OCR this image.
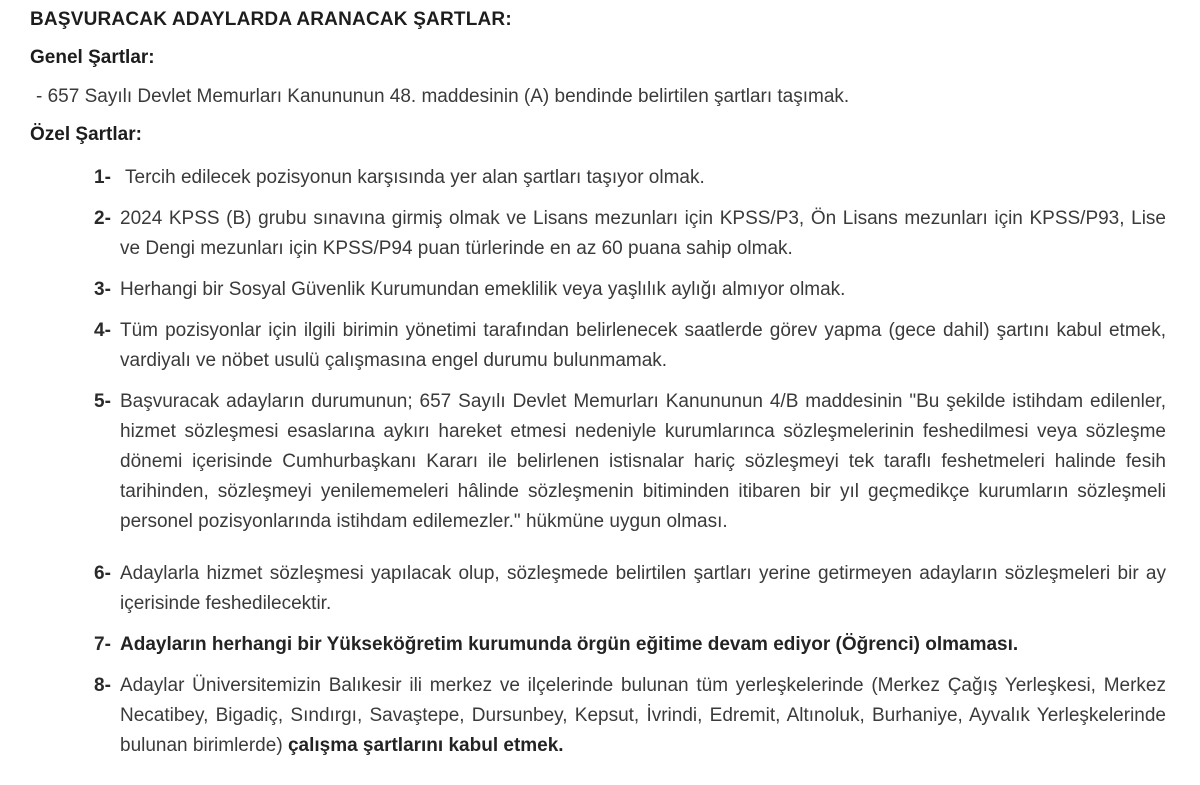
BAŞVURACAK ADAYLARDA ARANACAK ŞARTLAR:
Genel Şartlar:

- 657 Sayılı Devlet Memurları Kanununun 48. maddesinin (A) bendinde belirtilen şartları taşımak.

Özel Şartlar:
1- Tercih edilecek pozisyonun karşısında yer alan şartları taşıyor olmak.
2- 2024 KPSS (B) grubu sınavına girmiş olmak ve Lisans mezunları için KPSS/P3, Ön Lisans mezunları için KPSS/P93, Lise ve Dengi mezunları için KPSS/P94 puan türlerinde en az 60 puana sahip olmak.
3- Herhangi bir Sosyal Güvenlik Kurumundan emeklilik veya yaşlılık aylığı almıyor olmak.
4- Tüm pozisyonlar için ilgili birimin yönetimi tarafından belirlenecek saatlerde görev yapma (gece dahil) şartını kabul etmek, vardiyalı ve nöbet usulü çalışmasına engel durumu bulunmamak.
5- Başvuracak adayların durumunun; 657 Sayılı Devlet Memurları Kanununun 4/B maddesinin "Bu şekilde istihdam edilenler, hizmet sözleşmesi esaslarına aykırı hareket etmesi nedeniyle kurumlarınca sözleşmelerinin feshedilmesi veya sözleşme dönemi içerisinde Cumhurbaşkanı Kararı ile belirlenen istisnalar hariç sözleşmeyi tek taraflı feshetmeleri halinde fesih tarihinden, sözleşmeyi yenilememeleri hâlinde sözleşmenin bitiminden itibaren bir yıl geçmedikçe kurumların sözleşmeli personel pozisyonlarında istihdam edilemezler." hükmüne uygun olması.
6- Adaylarla hizmet sözleşmesi yapılacak olup, sözleşmede belirtilen şartları yerine getirmeyen adayların sözleşmeleri bir ay içerisinde feshedilecektir.
7- Adayların herhangi bir Yükseköğretim kurumunda örgün eğitime devam ediyor (Öğrenci) olmaması.
8- Adaylar Üniversitemizin Balıkesir ili merkez ve ilçelerinde bulunan tüm yerleşkelerinde (Merkez Çağış Yerleşkesi, Merkez Necatibey, Bigadiç, Sındırgı, Savaştepe, Dursunbey, Kepsut, İvrindi, Edremit, Altınoluk, Burhaniye, Ayvalık Yerleşkelerinde bulunan birimlerde) çalışma şartlarını kabul etmek.
